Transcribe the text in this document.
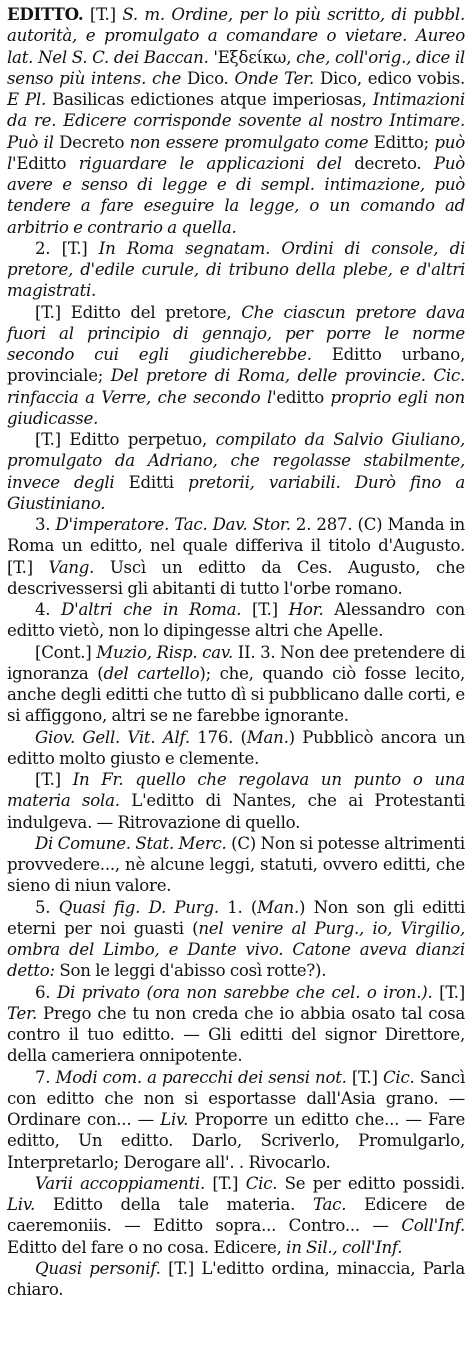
EDITTO. [T.] S. m. Ordine, per lo più scritto, di pubbl. autorità, e promulgato a comandare o vietare. Aureo lat. Nel S. C. dei Baccan. 'Εξδείκω, che, coll'orig., dice il senso più intens. che Dico. Onde Ter. Dico, edico vobis. E Pl. Basilicas edictiones atque imperiosas, Intimazioni da re. Edicere corrisponde sovente al nostro Intimare. Può il Decreto non essere promulgato come Editto; può l'Editto riguardare le applicazioni del decreto. Può avere e senso di legge e di sempl. intimazione, può tendere a fare eseguire la legge, o un comando ad arbitrio e contrario a quella.

2. [T.] In Roma segnatam. Ordini di console, di pretore, d'edile curule, di tribuno della plebe, e d'altri magistrati.

[T.] Editto del pretore, Che ciascun pretore dava fuori al principio di gennajo, per porre le norme secondo cui egli giudicherebbe. Editto urbano, provinciale; Del pretore di Roma, delle provincie. Cic. rinfaccia a Verre, che secondo l'editto proprio egli non giudicasse.

[T.] Editto perpetuo, compilato da Salvio Giuliano, promulgato da Adriano, che regolasse stabilmente, invece degli Editti pretorii, variabili. Durò fino a Giustiniano.

3. D'imperatore. Tac. Dav. Stor. 2. 287. (C) Manda in Roma un editto, nel quale differiva il titolo d'Augusto. [T.] Vang. Uscì un editto da Ces. Augusto, che descrivessersi gli abitanti di tutto l'orbe romano.

4. D'altri che in Roma. [T.] Hor. Alessandro con editto vietò, non lo dipingesse altri che Apelle.

[Cont.] Muzio, Risp. cav. II. 3. Non dee pretendere di ignoranza (del cartello); che, quando ciò fosse lecito, anche degli editti che tutto dì si pubblicano dalle corti, e si affiggono, altri se ne farebbe ignorante.

Giov. Gell. Vit. Alf. 176. (Man.) Pubblicò ancora un editto molto giusto e clemente.

[T.] In Fr. quello che regolava un punto o una materia sola. L'editto di Nantes, che ai Protestanti indulgeva. — Ritrovazione di quello.

Di Comune. Stat. Merc. (C) Non si potesse altrimenti provvedere..., nè alcune leggi, statuti, ovvero editti, che sieno di niun valore.

5. Quasi fig. D. Purg. 1. (Man.) Non son gli editti eterni per noi guasti (nel venire al Purg., io, Virgilio, ombra del Limbo, e Dante vivo. Catone aveva dianzi detto: Son le leggi d'abisso così rotte?).

6. Di privato (ora non sarebbe che cel. o iron.). [T.] Ter. Prego che tu non creda che io abbia osato tal cosa contro il tuo editto. — Gli editti del signor Direttore, della cameriera onnipotente.

7. Modi com. a parecchi dei sensi not. [T.] Cic. Sancì con editto che non si esportasse dall'Asia grano. —Ordinare con... — Liv. Proporre un editto che... — Fare editto, Un editto. Darlo, Scriverlo, Promulgarlo, Interpretarlo; Derogare all'. . Rivocarlo.

Varii accoppiamenti. [T.] Cic. Se per editto possidi. Liv. Editto della tale materia. Tac. Edicere de caeremoniis. — Editto sopra... Contro... — Coll'Inf. Editto del fare o no cosa. Edicere, in Sil., coll'Inf.

Quasi personif. [T.] L'editto ordina, minaccia, Parla chiaro.
